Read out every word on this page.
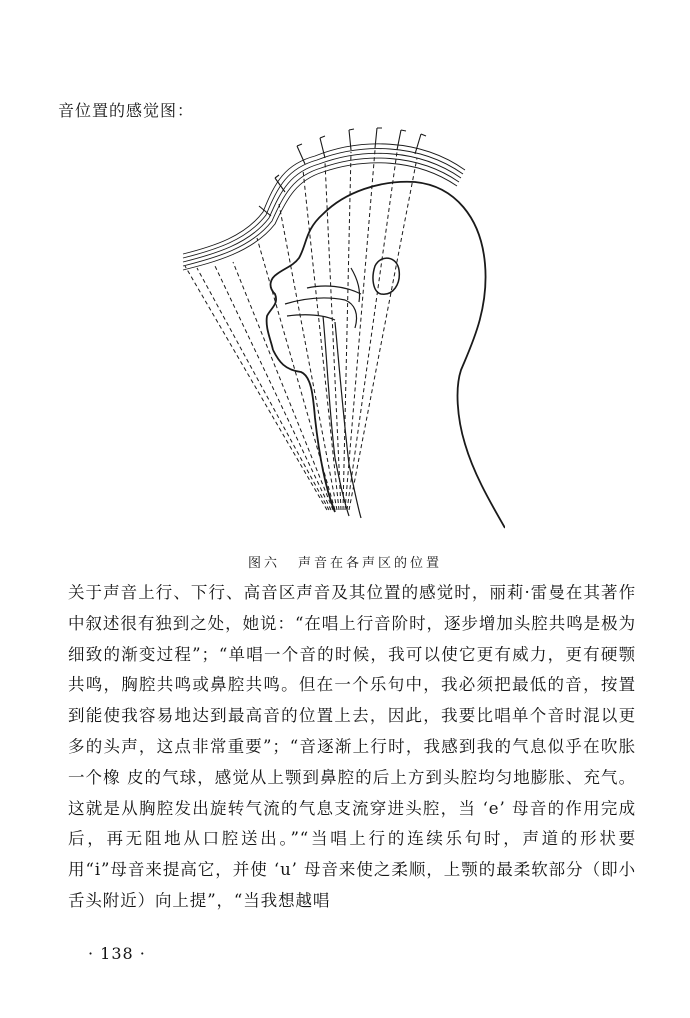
音位置的感觉图：
图六 声音在各声区的位置

关于声音上行、下行、高音区声音及其位置的感觉时，丽莉·雷曼在其著作中叙述很有独到之处，她说：“在唱上行音阶时，逐步增加头腔共鸣是极为细致的渐变过程”；“单唱一个音的时候，我可以使它更有威力，更有硬颚共鸣，胸腔共鸣或鼻腔共鸣。但在一个乐句中，我必须把最低的音，按置到能使我容易地达到最高音的位置上去，因此，我要比唱单个音时混以更多的头声，这点非常重要”；“音逐渐上行时，我感到我的气息似乎在吹胀一个橡 皮的气球，感觉从上颚到鼻腔的后上方到头腔均匀地膨胀、充气。这就是从胸腔发出旋转气流的气息支流穿进头腔，当 ‘e’ 母音的作用完成后，再无阻地从口腔送出。”“当唱上行的连续乐句时，声道的形状要用“i”母音来提高它，并使 ‘u’ 母音来使之柔顺，上颚的最柔软部分（即小舌头附近）向上提”，“当我想越唱

· 138 ·
